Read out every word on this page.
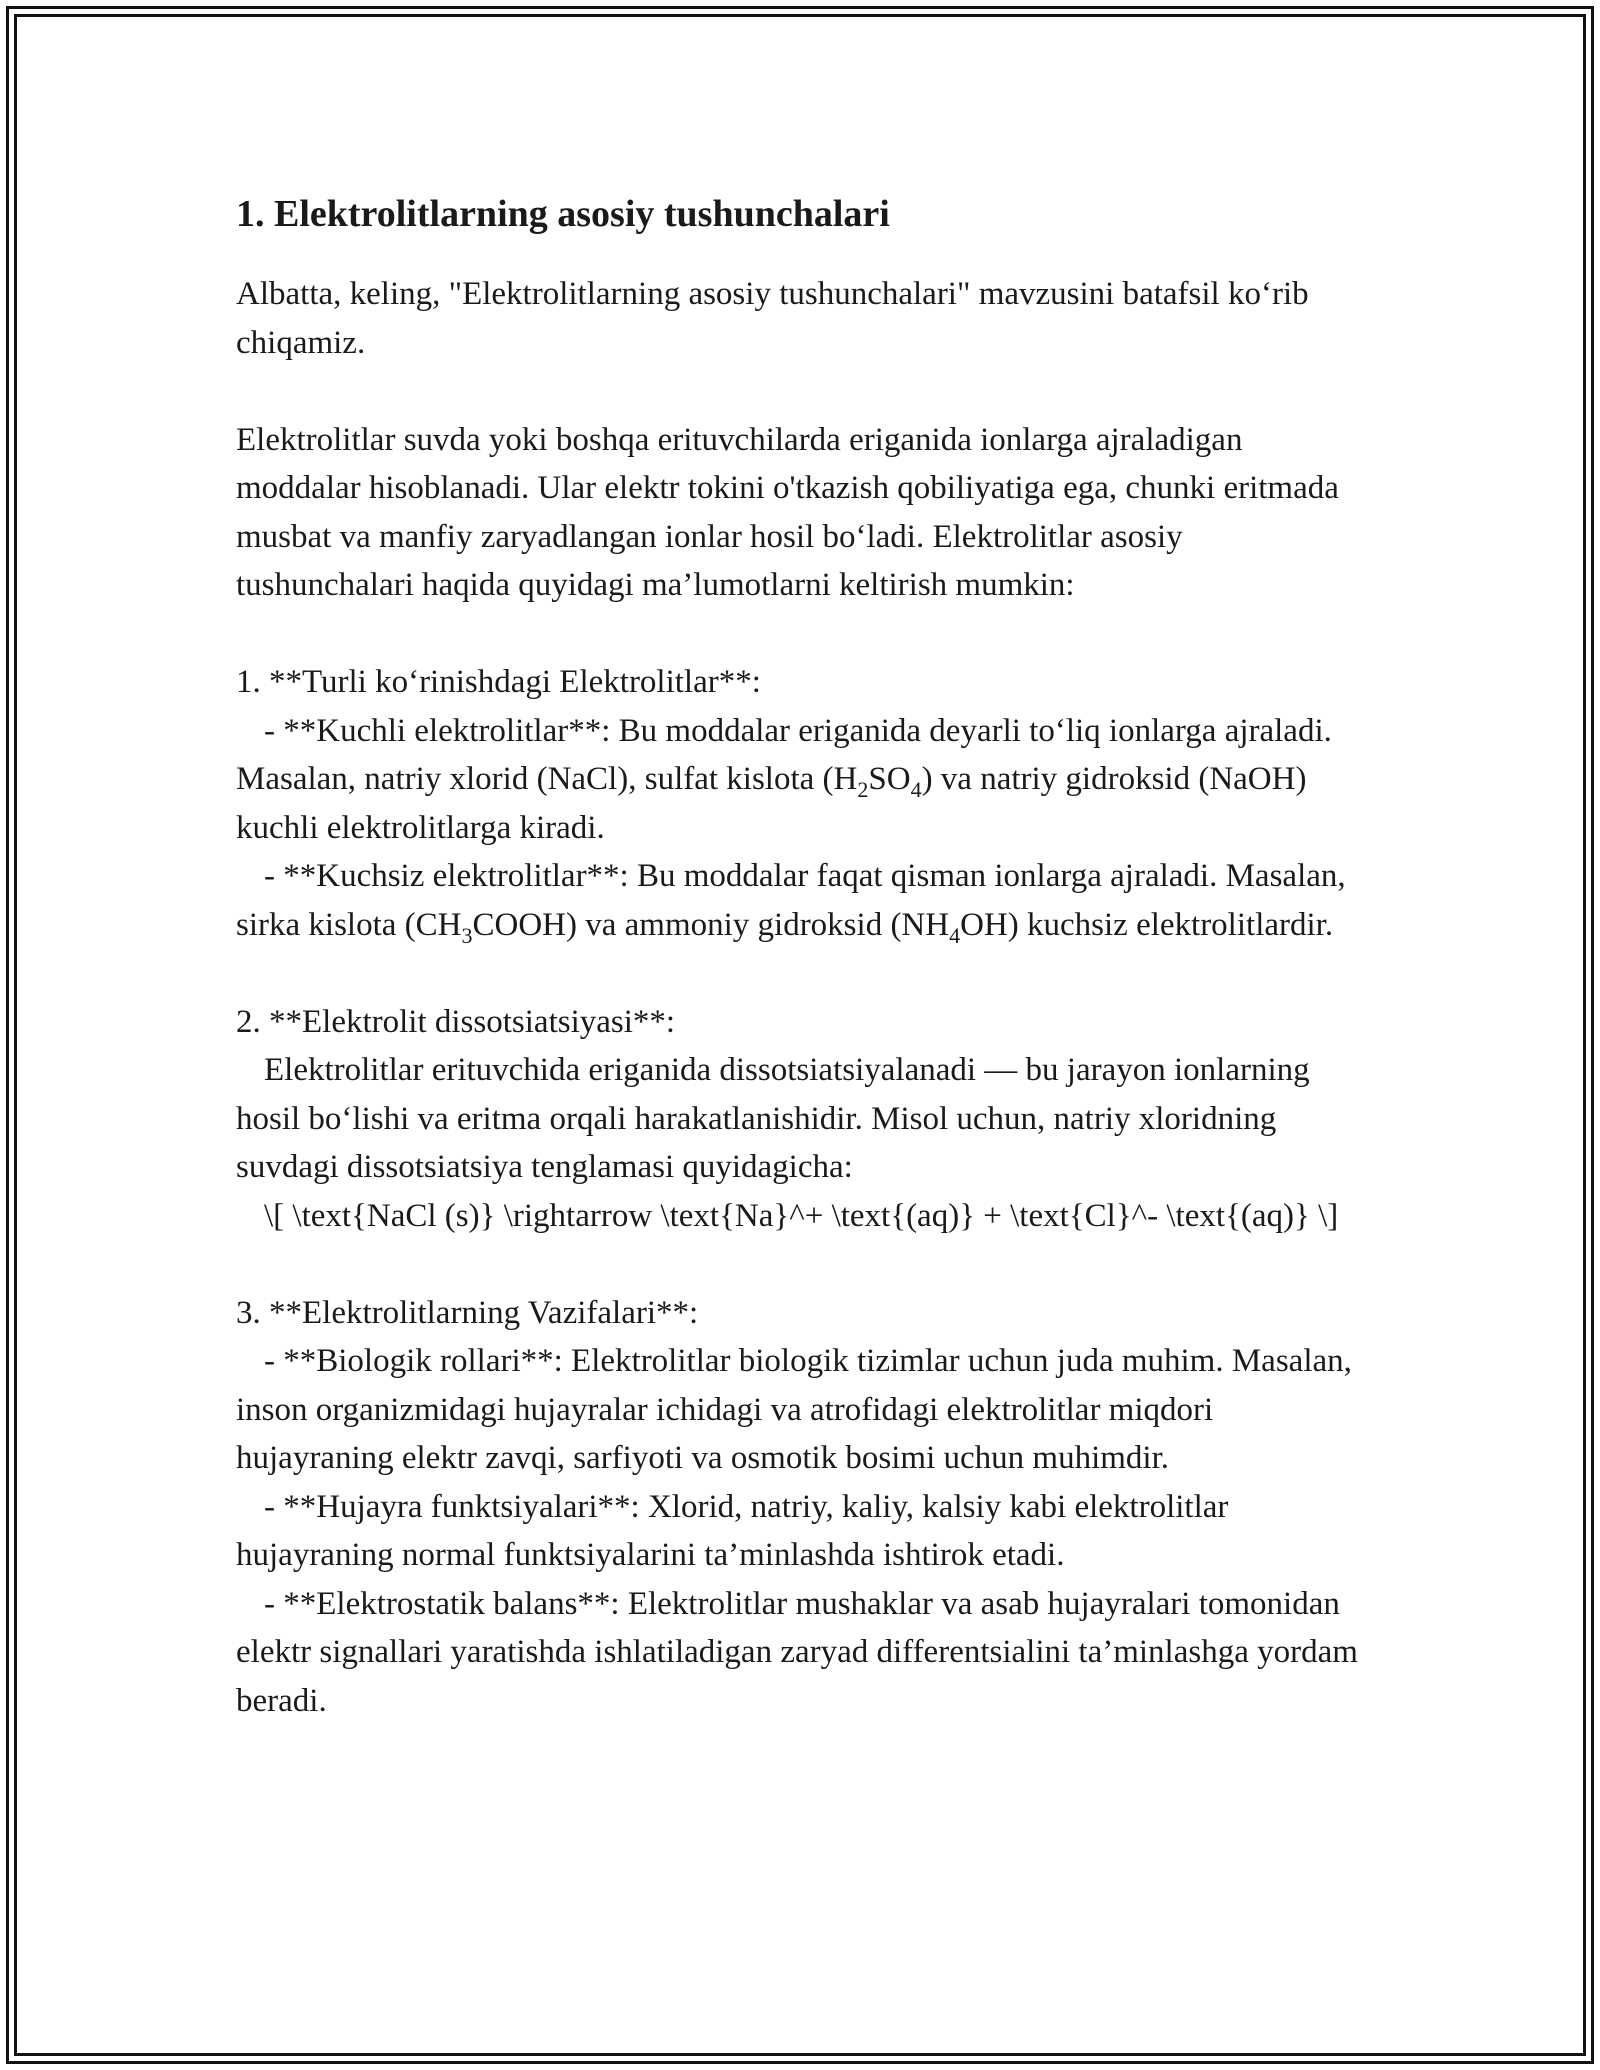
1. Elektrolitlarning asosiy tushunchalari

Albatta, keling, "Elektrolitlarning asosiy tushunchalari" mavzusini batafsil ko‘rib chiqamiz.

Elektrolitlar suvda yoki boshqa erituvchilarda eriganida ionlarga ajraladigan moddalar hisoblanadi. Ular elektr tokini o'tkazish qobiliyatiga ega, chunki eritmada musbat va manfiy zaryadlangan ionlar hosil bo‘ladi. Elektrolitlar asosiy tushunchalari haqida quyidagi ma’lumotlarni keltirish mumkin:

1. **Turli ko‘rinishdagi Elektrolitlar**:

- **Kuchli elektrolitlar**: Bu moddalar eriganida deyarli to‘liq ionlarga ajraladi. Masalan, natriy xlorid (NaCl), sulfat kislota $(H_2SO_4)$ va natriy gidroksid (NaOH) kuchli elektrolitlarga kiradi.

- **Kuchsiz elektrolitlar**: Bu moddalar faqat qisman ionlarga ajraladi. Masalan, sirka kislota $(CH_3COOH)$ va ammoniy gidroksid $(NH_4OH)$ kuchsiz elektrolitlardir.

2. **Elektrolit dissotsiatsiyasi**:

Elektrolitlar erituvchida eriganida dissotsiatsiyalanadi — bu jarayon ionlarning hosil bo‘lishi va eritma orqali harakatlanishidir. Misol uchun, natriy xloridning suvdagi dissotsiatsiya tenglamasi quyidagicha:

\[ \text{NaCl (s)} \rightarrow \text{Na}^+ \text{(aq)} + \text{Cl}^- \text{(aq)} \]

3. **Elektrolitlarning Vazifalari**:

- **Biologik rollari**: Elektrolitlar biologik tizimlar uchun juda muhim. Masalan, inson organizmidagi hujayralar ichidagi va atrofidagi elektrolitlar miqdori hujayraning elektr zavqi, sarfiyoti va osmotik bosimi uchun muhimdir.

- **Hujayra funktsiyalari**: Xlorid, natriy, kaliy, kalsiy kabi elektrolitlar hujayraning normal funktsiyalarini ta’minlashda ishtirok etadi.

- **Elektrostatik balans**: Elektrolitlar mushaklar va asab hujayralari tomonidan elektr signallari yaratishda ishlatiladigan zaryad differentsialini ta’minlashga yordam beradi.
